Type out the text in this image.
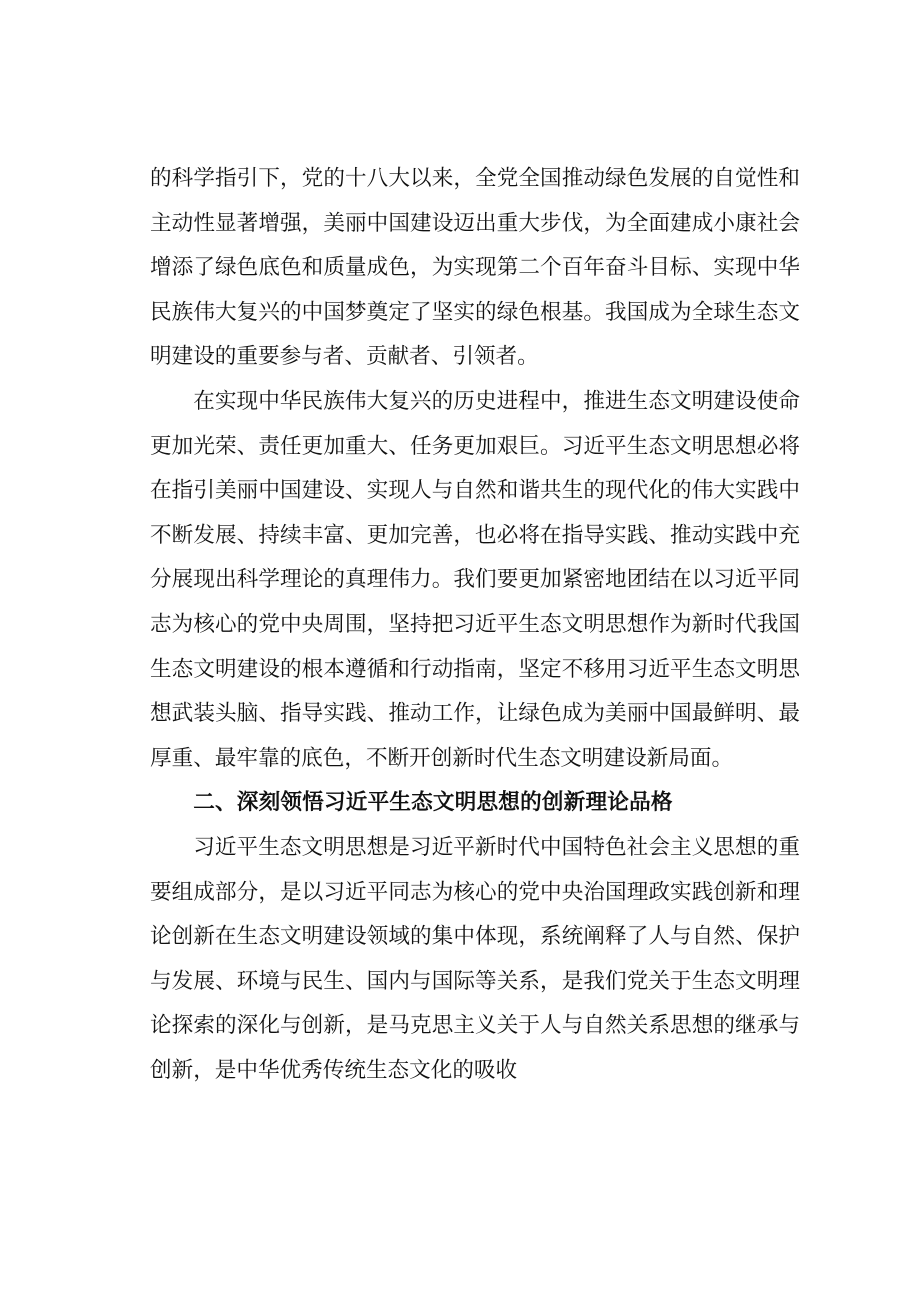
的科学指引下，党的十八大以来，全党全国推动绿色发展的自觉性和主动性显著增强，美丽中国建设迈出重大步伐，为全面建成小康社会增添了绿色底色和质量成色，为实现第二个百年奋斗目标、实现中华民族伟大复兴的中国梦奠定了坚实的绿色根基。我国成为全球生态文明建设的重要参与者、贡献者、引领者。

在实现中华民族伟大复兴的历史进程中，推进生态文明建设使命更加光荣、责任更加重大、任务更加艰巨。习近平生态文明思想必将在指引美丽中国建设、实现人与自然和谐共生的现代化的伟大实践中不断发展、持续丰富、更加完善，也必将在指导实践、推动实践中充分展现出科学理论的真理伟力。我们要更加紧密地团结在以习近平同志为核心的党中央周围，坚持把习近平生态文明思想作为新时代我国生态文明建设的根本遵循和行动指南，坚定不移用习近平生态文明思想武装头脑、指导实践、推动工作，让绿色成为美丽中国最鲜明、最厚重、最牢靠的底色，不断开创新时代生态文明建设新局面。

二、深刻领悟习近平生态文明思想的创新理论品格

习近平生态文明思想是习近平新时代中国特色社会主义思想的重要组成部分，是以习近平同志为核心的党中央治国理政实践创新和理论创新在生态文明建设领域的集中体现，系统阐释了人与自然、保护与发展、环境与民生、国内与国际等关系，是我们党关于生态文明理论探索的深化与创新，是马克思主义关于人与自然关系思想的继承与创新，是中华优秀传统生态文化的吸收
